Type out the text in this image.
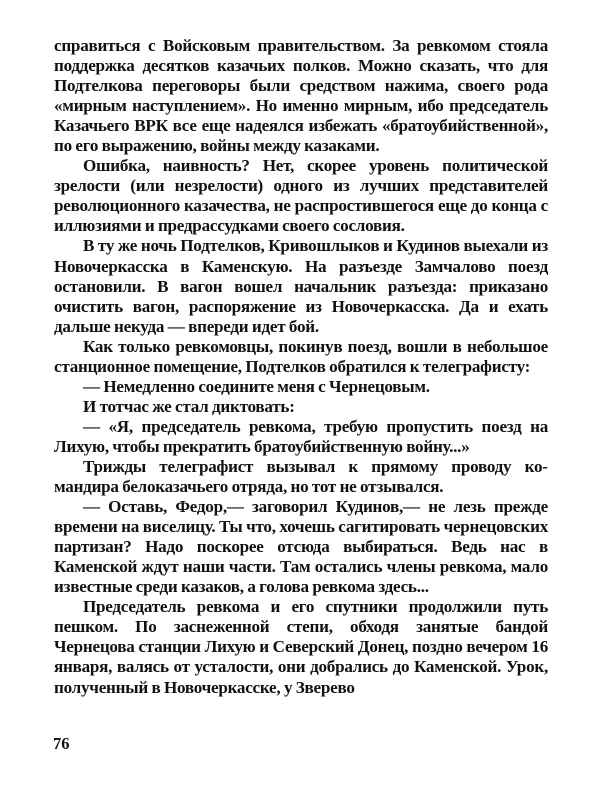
справиться с Войсковым правительством. За ревкомом стояла поддержка десятков казачьих полков. Можно сказать, что для Подтелкова переговоры были средством нажима, своего рода «мирным наступлением». Но именно мирным, ибо председатель Казачьего ВРК все еще надеялся избежать «братоубийственной», по его выражению, войны между казаками.

Ошибка, наивность? Нет, скорее уровень политической зрелости (или незрелости) одного из лучших представителей революционного казачества, не распростившегося еще до конца с иллюзиями и предрассудками своего сословия.

В ту же ночь Подтелков, Кривошлыков и Кудинов выехали из Новочеркасска в Каменскую. На разъезде Замчалово поезд остановили. В вагон вошел начальник разъезда: приказано очистить вагон, распоряжение из Новочеркасска. Да и ехать дальше некуда — впереди идет бой.

Как только ревкомовцы, покинув поезд, вошли в небольшое станционное помещение, Подтелков обратился к телеграфисту:

— Немедленно соедините меня с Чернецовым.

И тотчас же стал диктовать:

— «Я, председатель ревкома, требую пропустить поезд на Лихую, чтобы прекратить братоубийственную войну...»

Трижды телеграфист вызывал к прямому проводу командира белоказачьего отряда, но тот не отзывался.

— Оставь, Федор,— заговорил Кудинов,— не лезь прежде времени на виселицу. Ты что, хочешь сагитировать чернецовских партизан? Надо поскорее отсюда выбираться. Ведь нас в Каменской ждут наши части. Там остались члены ревкома, мало известные среди казаков, а голова ревкома здесь...

Председатель ревкома и его спутники продолжили путь пешком. По заснеженной степи, обходя занятые бандой Чернецова станции Лихую и Северский Донец, поздно вечером 16 января, валясь от усталости, они добрались до Каменской. Урок, полученный в Новочеркасске, у Зверево

76
